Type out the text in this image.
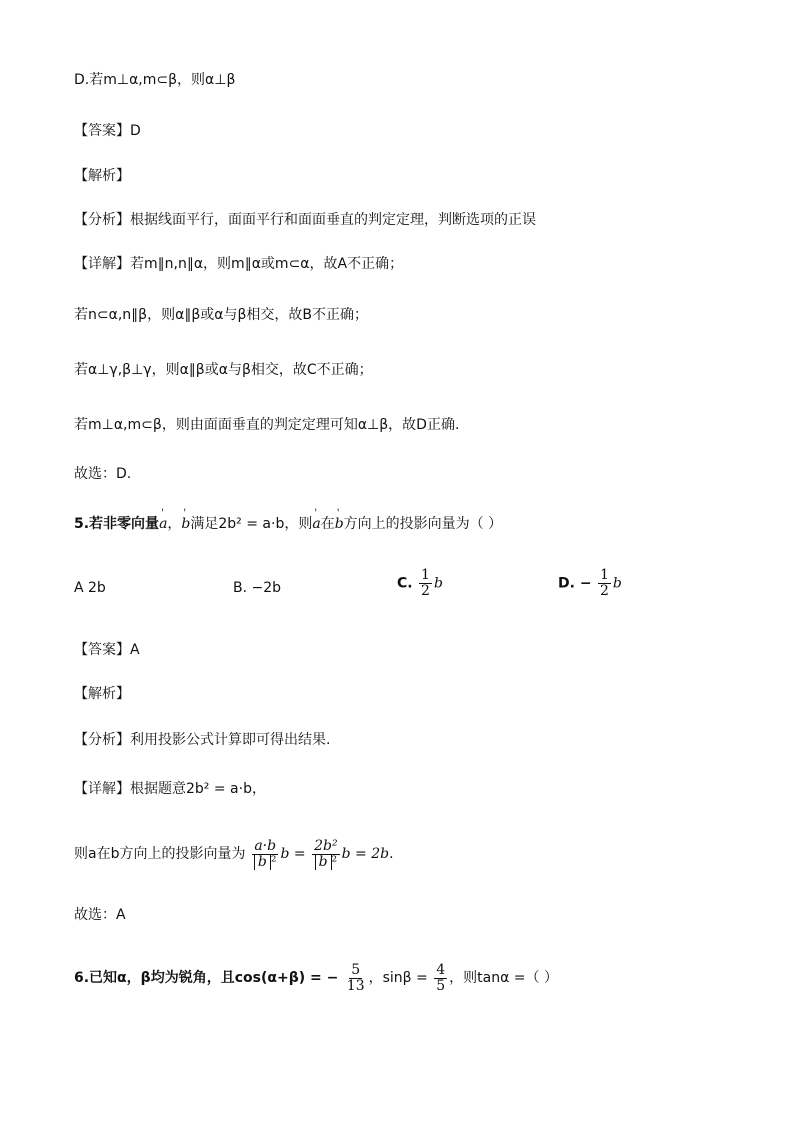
D.若m⊥α,m⊂β，则α⊥β
【答案】D
【解析】
【分析】根据线面平行，面面平行和面面垂直的判定定理，判断选项的正误
【详解】若m∥n,n∥α，则m∥α或m⊂α，故A不正确；
若n⊂α,n∥β，则α∥β或α与β相交，故B不正确；
若α⊥γ,β⊥γ，则α∥β或α与β相交，故C不正确；
若m⊥α,m⊂β，则由面面垂直的判定定理可知α⊥β，故D正确.
故选：D.
5.若非零向量' a，' b满足2b² = a·b，则' a在' b方向上的投影向量为（ ）
A 2b	B. −2b	C. $\frac{1}{2}$ b	D. − $\frac{1}{2}$ b
【答案】A
【解析】
【分析】利用投影公式计算即可得出结果.
【详解】根据题意2b² = a·b，
则a在b方向上的投影向量为 $\frac{a\cdot b}{\text{b ²}}$ $b = \frac{\text{2b²}}{\text{b ²}}$ b = 2b.
故选：A
6.已知α，β均为锐角，且cos(α+β) = − $\frac{5}{13}$ ，$\sin\beta = \frac{4}{5}$ ，则tanα =（ ）
